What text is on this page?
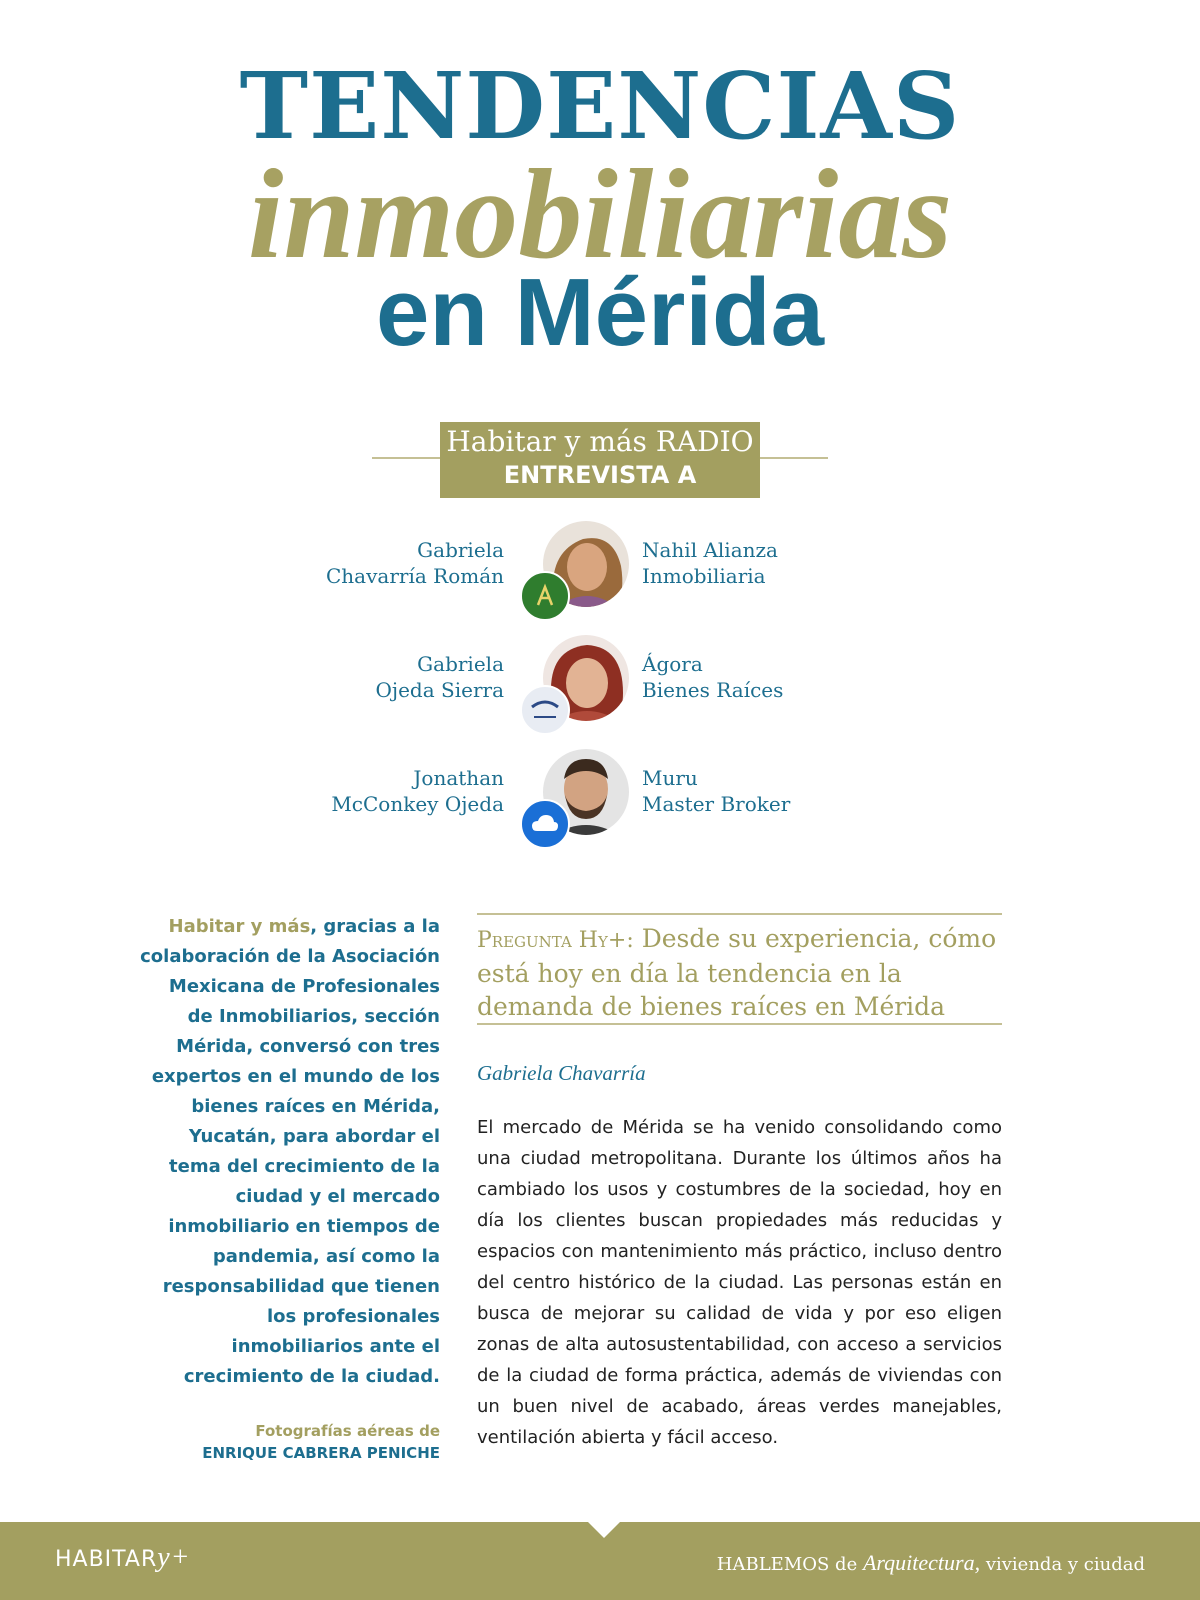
TENDENCIAS
inmobiliarias
en Mérida
Habitar y más RADIO
ENTREVISTA A
Gabriela
Chavarría Román
Nahil Alianza
Inmobiliaria
Gabriela
Ojeda Sierra
Ágora
Bienes Raíces
Jonathan
McConkey Ojeda
Muru
Master Broker

Habitar y más, gracias a la colaboración de la Asociación Mexicana de Profesionales de Inmobiliarios, sección Mérida, conversó con tres expertos en el mundo de los bienes raíces en Mérida, Yucatán, para abordar el tema del crecimiento de la ciudad y el mercado inmobiliario en tiempos de pandemia, así como la responsabilidad que tienen los profesionales inmobiliarios ante el crecimiento de la ciudad.

Fotografías aéreas de
ENRIQUE CABRERA PENICHE

Pregunta Hy+: Desde su experiencia, cómo está hoy en día la tendencia en la demanda de bienes raíces en Mérida

Gabriela Chavarría

El mercado de Mérida se ha venido consolidando como una ciudad metropolitana. Durante los últimos años ha cambiado los usos y costumbres de la sociedad, hoy en día los clientes buscan propiedades más reducidas y espacios con mantenimiento más práctico, incluso dentro del centro histórico de la ciudad. Las personas están en busca de mejorar su calidad de vida y por eso eligen zonas de alta autosustentabilidad, con acceso a servicios de la ciudad de forma práctica, además de viviendas con un buen nivel de acabado, áreas verdes manejables, ventilación abierta y fácil acceso.

HABITARy+	HABLEMOS de Arquitectura, vivienda y ciudad
